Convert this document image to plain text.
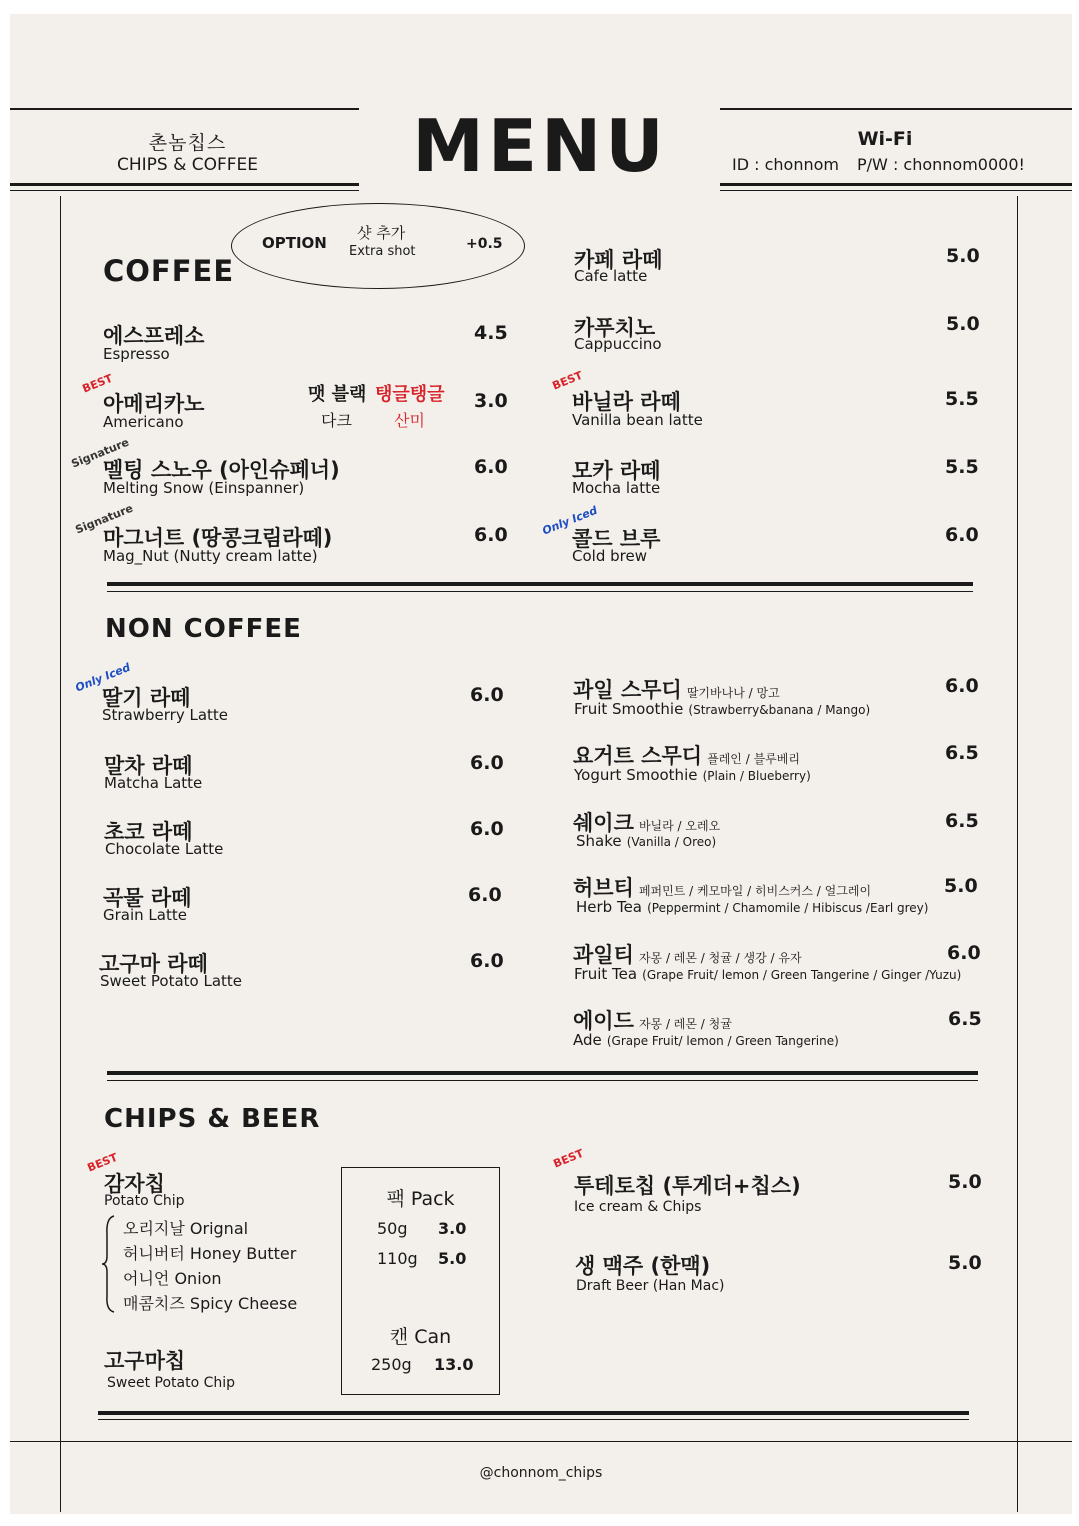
촌놈칩스
CHIPS & COFFEE	MENU	Wi-Fi
ID : chonnom P/W : chonnom0000!
COFFEE
OPTION
샷 추가
Extra shot	+0.5
에스프레소
Espresso
4.5
BEST
아메리카노
Americano
맷 블랙
다크
탱글탱글
산미
3.0
Signature
멜팅 스노우 (아인슈페너)
Melting Snow (Einspanner)
6.0
Signature
마그너트 (땅콩크림라떼)
Mag_Nut (Nutty cream latte)
6.0
카페 라떼
Cafe latte
5.0
카푸치노
Cappuccino
5.0
BEST
바닐라 라떼
Vanilla bean latte
5.5
모카 라떼
Mocha latte
5.5
Only Iced
콜드 브루
Cold brew
6.0
NON COFFEE
Only Iced
딸기 라떼
Strawberry Latte
6.0
말차 라떼
Matcha Latte
6.0
초코 라떼
Chocolate Latte
6.0
곡물 라떼
Grain Latte
6.0
고구마 라떼
Sweet Potato Latte
6.0
과일 스무디 딸기바나나 / 망고
Fruit Smoothie (Strawberry&banana / Mango)
6.0
요거트 스무디 플레인 / 블루베리
Yogurt Smoothie (Plain / Blueberry)
6.5
쉐이크 바닐라 / 오레오
Shake (Vanilla / Oreo)
6.5
허브티 페퍼민트 / 케모마일 / 히비스커스 / 얼그레이
Herb Tea (Peppermint / Chamomile / Hibiscus /Earl grey)
5.0
과일티 자몽 / 레몬 / 청귤 / 생강 / 유자
Fruit Tea (Grape Fruit/ lemon / Green Tangerine / Ginger /Yuzu)
6.0
에이드 자몽 / 레몬 / 청귤
Ade (Grape Fruit/ lemon / Green Tangerine)
6.5
CHIPS & BEER
BEST
감자칩
Potato Chip
오리지날 Orignal
허니버터 Honey Butter
어니언 Onion
매콤치즈 Spicy Cheese
고구마칩
Sweet Potato Chip
팩 Pack
50g 3.0
110g 5.0
캔 Can
250g 13.0
BEST
투테토칩 (투게더+칩스)
Ice cream & Chips
5.0
생 맥주 (한맥)
Draft Beer (Han Mac)
5.0
@chonnom_chips
